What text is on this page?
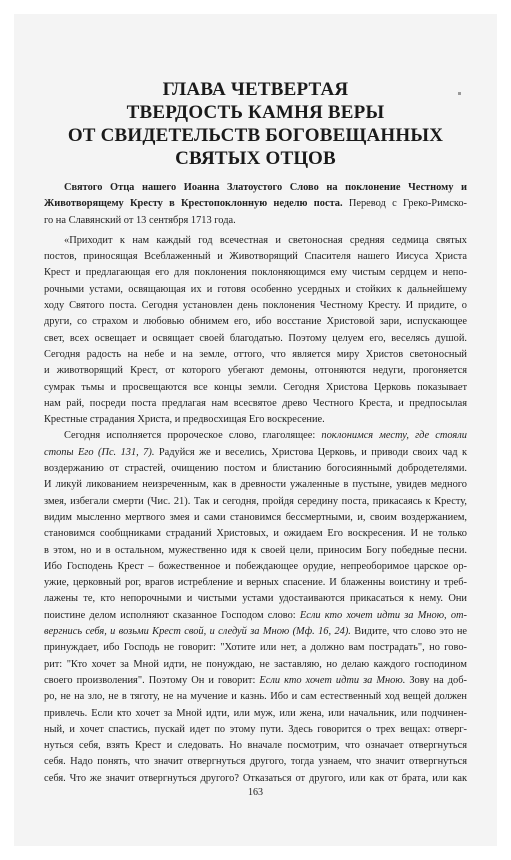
ГЛАВА ЧЕТВЕРТАЯ
ТВЕРДОСТЬ КАМНЯ ВЕРЫ
ОТ СВИДЕТЕЛЬСТВ БОГОВЕЩАННЫХ
СВЯТЫХ ОТЦОВ
Святого Отца нашего Иоанна Златоустого Слово на поклонение Честному и
Животворящему Кресту в Крестопоклонную неделю поста. Перевод с Греко-Римско-
го на Славянский от 13 сентября 1713 года.
«Приходит к нам каждый год всечестная и светоносная средняя седмица святых
постов, приносящая Всеблаженный и Животворящий Спасителя нашего Иисуса Христа
Крест и предлагающая его для поклонения поклоняющимся ему чистым сердцем и непо-
рочными устами, освящающая их и готовя особенно усердных и стойких к дальнейшему
ходу Святого поста. Сегодня установлен день поклонения Честному Кресту. И придите, о
други, со страхом и любовью обнимем его, ибо восстание Христовой зари, испускающее
свет, всех освещает и освящает своей благодатью. Поэтому целуем его, веселясь душой.
Сегодня радость на небе и на земле, оттого, что является миру Христов светоносный
и животворящий Крест, от которого убегают демоны, отгоняются недуги, прогоняется
сумрак тьмы и просвещаются все концы земли. Сегодня Христова Церковь показывает
нам рай, посреди поста предлагая нам всесвятое древо Честного Креста, и предпосылая
Крестные страдания Христа, и предвосхищая Его воскресение.
Сегодня исполняется пророческое слово, глаголящее: поклонимся месту, где стояли
стопы Его (Пс. 131, 7). Радуйся же и веселись, Христова Церковь, и приводи своих чад к
воздержанию от страстей, очищению постом и блистанию богосияннымй добродетелями.
И ликуй ликованием неизреченным, как в древности ужаленные в пустыне, увидев медного
змея, избегали смерти (Чис. 21). Так и сегодня, пройдя середину поста, прикасаясь к Кресту,
видим мысленно мертвого змея и сами становимся бессмертными, и, своим воздержанием,
становимся сообщниками страданий Христовых, и ожидаем Его воскресения. И не только
в этом, но и в остальном, мужественно идя к своей цели, приносим Богу победные песни.
Ибо Господень Крест – божественное и побеждающее орудие, непреоборимое царское ор-
ужие, церковный рог, врагов истребление и верных спасение. И блаженны воистину и треб-
лажены те, кто непорочными и чистыми устами удостаиваются прикасаться к нему. Они
поистине делом исполняют сказанное Господом слово: Если кто хочет идти за Мною, от-
вергнись себя, и возьми Крест свой, и следуй за Мною (Мф. 16, 24). Видите, что слово это не
принуждает, ибо Господь не говорит: "Хотите или нет, а должно вам пострадать", но гово-
рит: "Кто хочет за Мной идти, не понуждаю, не заставляю, но делаю каждого господином
своего произволения". Поэтому Он и говорит: Если кто хочет идти за Мною. Зову на доб-
ро, не на зло, не в тяготу, не на мучение и казнь. Ибо и сам естественный ход вещей должен
привлечь. Если кто хочет за Мной идти, или муж, или жена, или начальник, или подчинен-
ный, и хочет спастись, пускай идет по этому пути. Здесь говорится о трех вещах: отверг-
нуться себя, взять Крест и следовать. Но вначале посмотрим, что означает отвергнуться
себя. Надо понять, что значит отвергнуться другого, тогда узнаем, что значит отвергнуться
себя. Что же значит отвергнуться другого? Отказаться от другого, или как от брата, или как
163
